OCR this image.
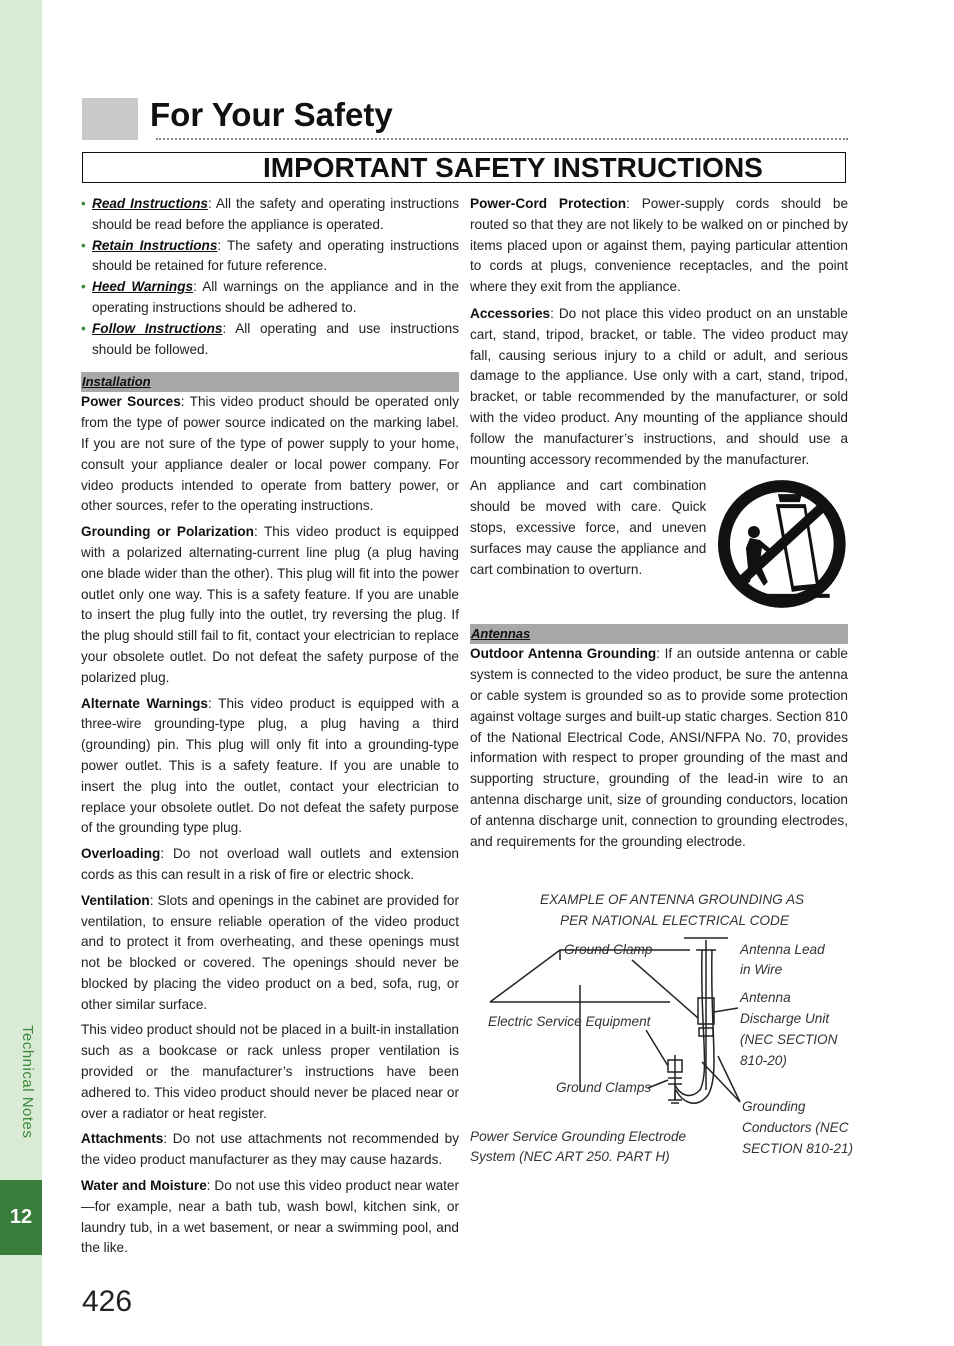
Technical Notes
12
426
For Your Safety
IMPORTANT SAFETY INSTRUCTIONS
• Read Instructions: All the safety and operating instructions should be read before the appliance is operated.
• Retain Instructions: The safety and operating instructions should be retained for future reference.
• Heed Warnings: All warnings on the appliance and in the operating instructions should be adhered to.
• Follow Instructions: All operating and use instructions should be followed.
Installation

Power Sources: This video product should be operated only from the type of power source indicated on the marking label. If you are not sure of the type of power supply to your home, consult your appliance dealer or local power company. For video products intended to operate from battery power, or other sources, refer to the operating instructions.

Grounding or Polarization: This video product is equipped with a polarized alternating-current line plug (a plug having one blade wider than the other). This plug will fit into the power outlet only one way. This is a safety feature. If you are unable to insert the plug fully into the outlet, try reversing the plug. If the plug should still fail to fit, contact your electrician to replace your obsolete outlet. Do not defeat the safety purpose of the polarized plug.

Alternate Warnings: This video product is equipped with a three-wire grounding-type plug, a plug having a third (grounding) pin. This plug will only fit into a grounding-type power outlet. This is a safety feature. If you are unable to insert the plug into the outlet, contact your electrician to replace your obsolete outlet. Do not defeat the safety purpose of the grounding type plug.

Overloading: Do not overload wall outlets and extension cords as this can result in a risk of fire or electric shock.

Ventilation: Slots and openings in the cabinet are provided for ventilation, to ensure reliable operation of the video product and to protect it from overheating, and these openings must not be blocked or covered. The openings should never be blocked by placing the video product on a bed, sofa, rug, or other similar surface.

This video product should not be placed in a built-in installation such as a bookcase or rack unless proper ventilation is provided or the manufacturer’s instructions have been adhered to. This video product should never be placed near or over a radiator or heat register.

Attachments: Do not use attachments not recommended by the video product manufacturer as they may cause hazards.

Water and Moisture: Do not use this video product near water—for example, near a bath tub, wash bowl, kitchen sink, or laundry tub, in a wet basement, or near a swimming pool, and the like.

Power-Cord Protection: Power-supply cords should be routed so that they are not likely to be walked on or pinched by items placed upon or against them, paying particular attention to cords at plugs, convenience receptacles, and the point where they exit from the appliance.

Accessories: Do not place this video product on an unstable cart, stand, tripod, bracket, or table. The video product may fall, causing serious injury to a child or adult, and serious damage to the appliance. Use only with a cart, stand, tripod, bracket, or table recommended by the manufacturer, or sold with the video product. Any mounting of the appliance should follow the manufacturer’s instructions, and should use a mounting accessory recommended by the manufacturer.

An appliance and cart combination should be moved with care. Quick stops, excessive force, and uneven surfaces may cause the appliance and cart combination to overturn.

Antennas

Outdoor Antenna Grounding: If an outside antenna or cable system is connected to the video product, be sure the antenna or cable system is grounded so as to provide some protection against voltage surges and built-up static charges. Section 810 of the National Electrical Code, ANSI/NFPA No. 70, provides information with respect to proper grounding of the mast and supporting structure, grounding of the lead-in wire to an antenna discharge unit, size of grounding conductors, location of antenna discharge unit, connection to grounding electrodes, and requirements for the grounding electrode.

EXAMPLE OF ANTENNA GROUNDING AS
PER NATIONAL ELECTRICAL CODE
Ground Clamp	Antenna Lead
in Wire
Antenna
Discharge Unit
(NEC SECTION
810-20)
Electric Service Equipment
Ground Clamps
Grounding
Conductors (NEC
SECTION 810-21)
Power Service Grounding Electrode
System (NEC ART 250. PART H)
